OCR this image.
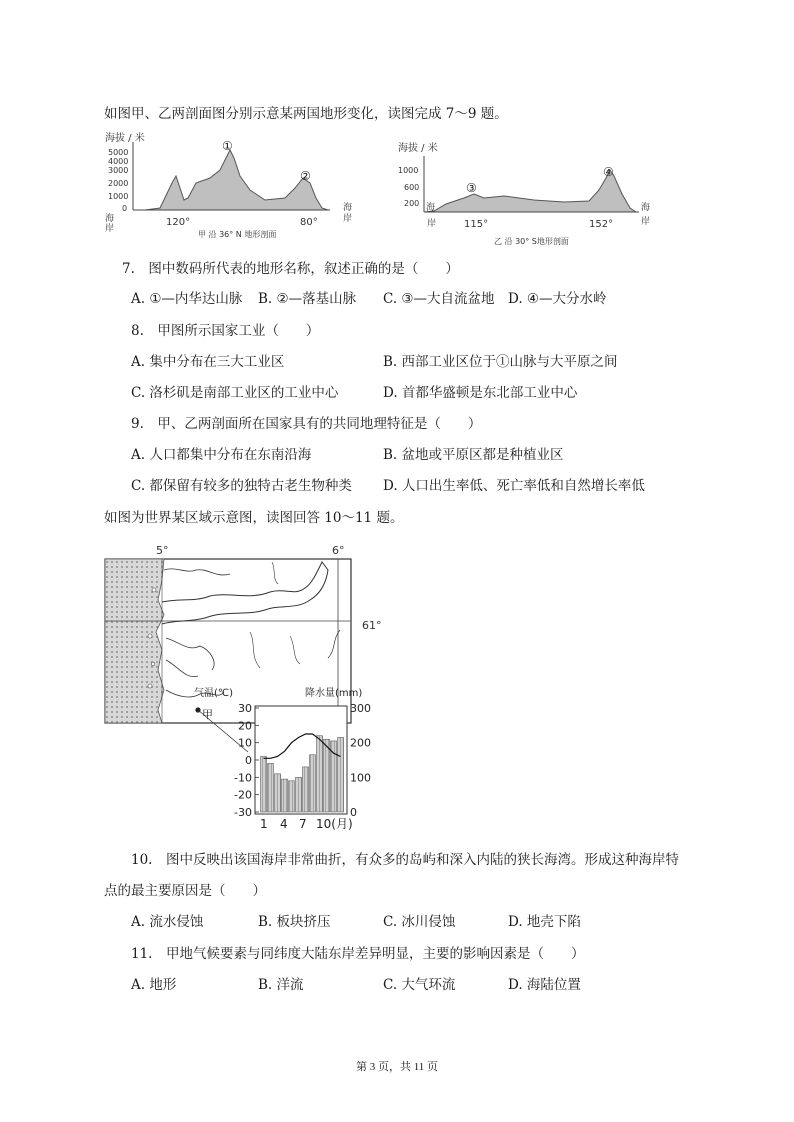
如图甲、乙两剖面图分别示意某两国地形变化，读图完成 7～9 题。
海拔 / 米
5000
4000
3000
2000
1000
0
①
②
海
岸
120°	80°
海
岸
甲 沿 36° N 地形剖面
海拔 / 米
1000
600
200
③
④
海
岸	115°	152°
海
岸
乙 沿 30° S地形剖面
7.　图中数码所代表的地形名称，叙述正确的是（　　）
A. ①—内华达山脉 B. ②—落基山脉 C. ③—大自流盆地 D. ④—大分水岭
8.　甲图所示国家工业（　　）
A. 集中分布在三大工业区	B. 西部工业区位于①山脉与大平原之间
C. 洛杉矶是南部工业区的工业中心	D. 首都华盛顿是东北部工业中心
9.　甲、乙两剖面所在国家具有的共同地理特征是（　　）
A. 人口都集中分布在东南沿海	B. 盆地或平原区都是种植业区
C. 都保留有较多的独特古老生物种类 D. 人口出生率低、死亡率低和自然增长率低
如图为世界某区域示意图，读图回答 10～11 题。
5°	6°
61°
甲
气温(℃)	降水量(mm)
30
20
10
0
-10
-20
-30
300
200
100
0
1 4 7 10(月)
10.　图中反映出该国海岸非常曲折，有众多的岛屿和深入内陆的狭长海湾。形成这种海岸特
点的最主要原因是（　　）
A. 流水侵蚀	B. 板块挤压	C. 冰川侵蚀	D. 地壳下陷
11.　甲地气候要素与同纬度大陆东岸差异明显，主要的影响因素是（　　）
A. 地形	B. 洋流	C. 大气环流	D. 海陆位置
第 3 页，共 11 页
